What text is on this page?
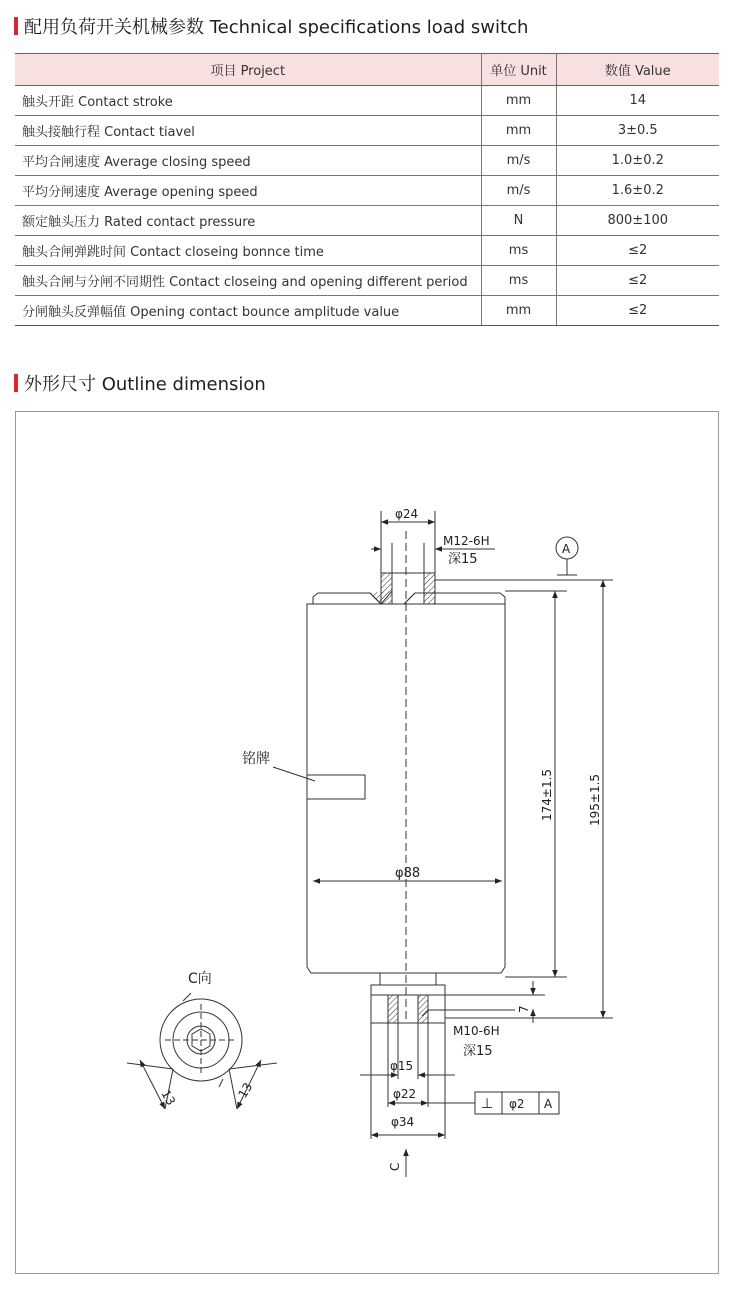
配用负荷开关机械参数 Technical specifications load switch
项目 Project	单位 Unit	数值 Value
触头开距 Contact stroke	mm	14
触头接触行程 Contact tiavel	mm	3±0.5
平均合闸速度 Average closing speed	m/s	1.0±0.2
平均分闸速度 Average opening speed	m/s	1.6±0.2
额定触头压力 Rated contact pressure	N	800±100
触头合闸弹跳时间 Contact closeing bonnce time	ms	≤2
触头合闸与分闸不同期性 Contact closeing and opening different period	ms	≤2
分闸触头反弹幅值 Opening contact bounce amplitude value	mm	≤2
外形尺寸 Outline dimension
φ24
M12-6H
深15
A
174±1.5	195±1.5
7
铭牌
φ88
M10-6H
深15
φ15
φ22
φ34
⊥ φ2 A
C
C向
13	13
